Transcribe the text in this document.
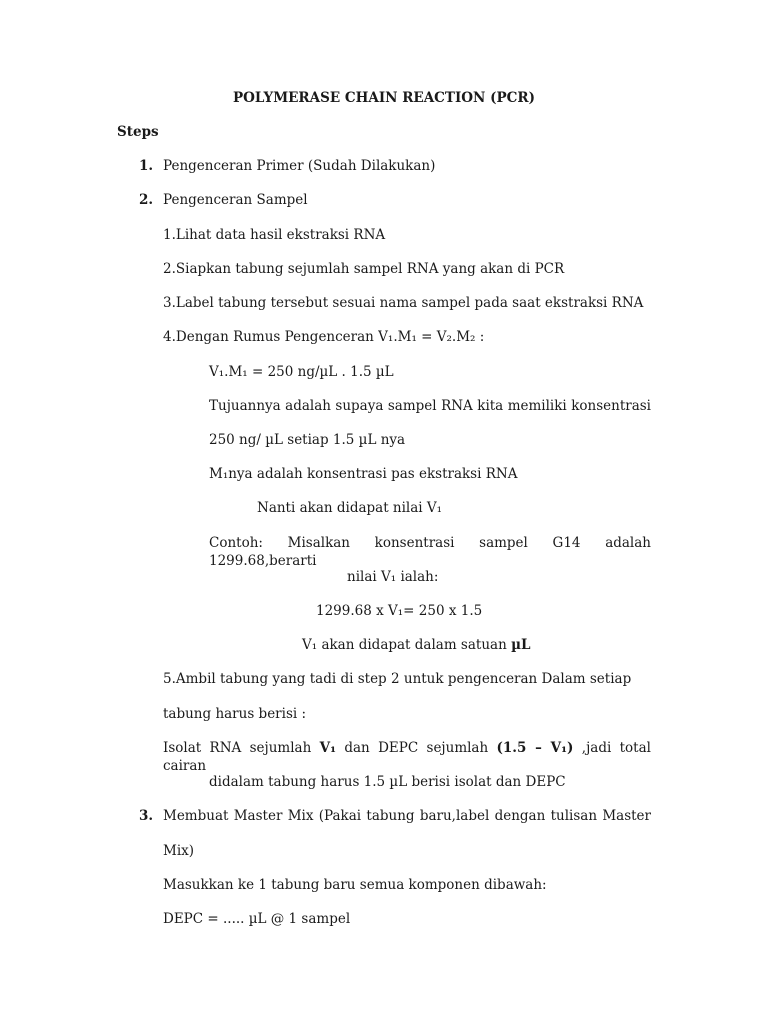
POLYMERASE CHAIN REACTION (PCR)
Steps
1. Pengenceran Primer (Sudah Dilakukan)
2. Pengenceran Sampel
1.Lihat data hasil ekstraksi RNA
2.Siapkan tabung sejumlah sampel RNA yang akan di PCR
3.Label tabung tersebut sesuai nama sampel pada saat ekstraksi RNA
4.Dengan Rumus Pengenceran V₁.M₁ = V₂.M₂ :
V₁.M₁ = 250 ng/µL . 1.5 µL
Tujuannya adalah supaya sampel RNA kita memiliki konsentrasi
250 ng/ µL setiap 1.5 µL nya
M₁nya adalah konsentrasi pas ekstraksi RNA
Nanti akan didapat nilai V₁
Contoh: Misalkan konsentrasi sampel G14 adalah 1299.68,berarti
nilai V₁ ialah:
1299.68 x V₁= 250 x 1.5
V₁ akan didapat dalam satuan µL
5.Ambil tabung yang tadi di step 2 untuk pengenceran Dalam setiap
tabung harus berisi :
Isolat RNA sejumlah V₁ dan DEPC sejumlah (1.5 – V₁) ,jadi total cairan
didalam tabung harus 1.5 µL berisi isolat dan DEPC
3. Membuat Master Mix (Pakai tabung baru,label dengan tulisan Master
Mix)
Masukkan ke 1 tabung baru semua komponen dibawah:
DEPC = ..... µL @ 1 sampel
